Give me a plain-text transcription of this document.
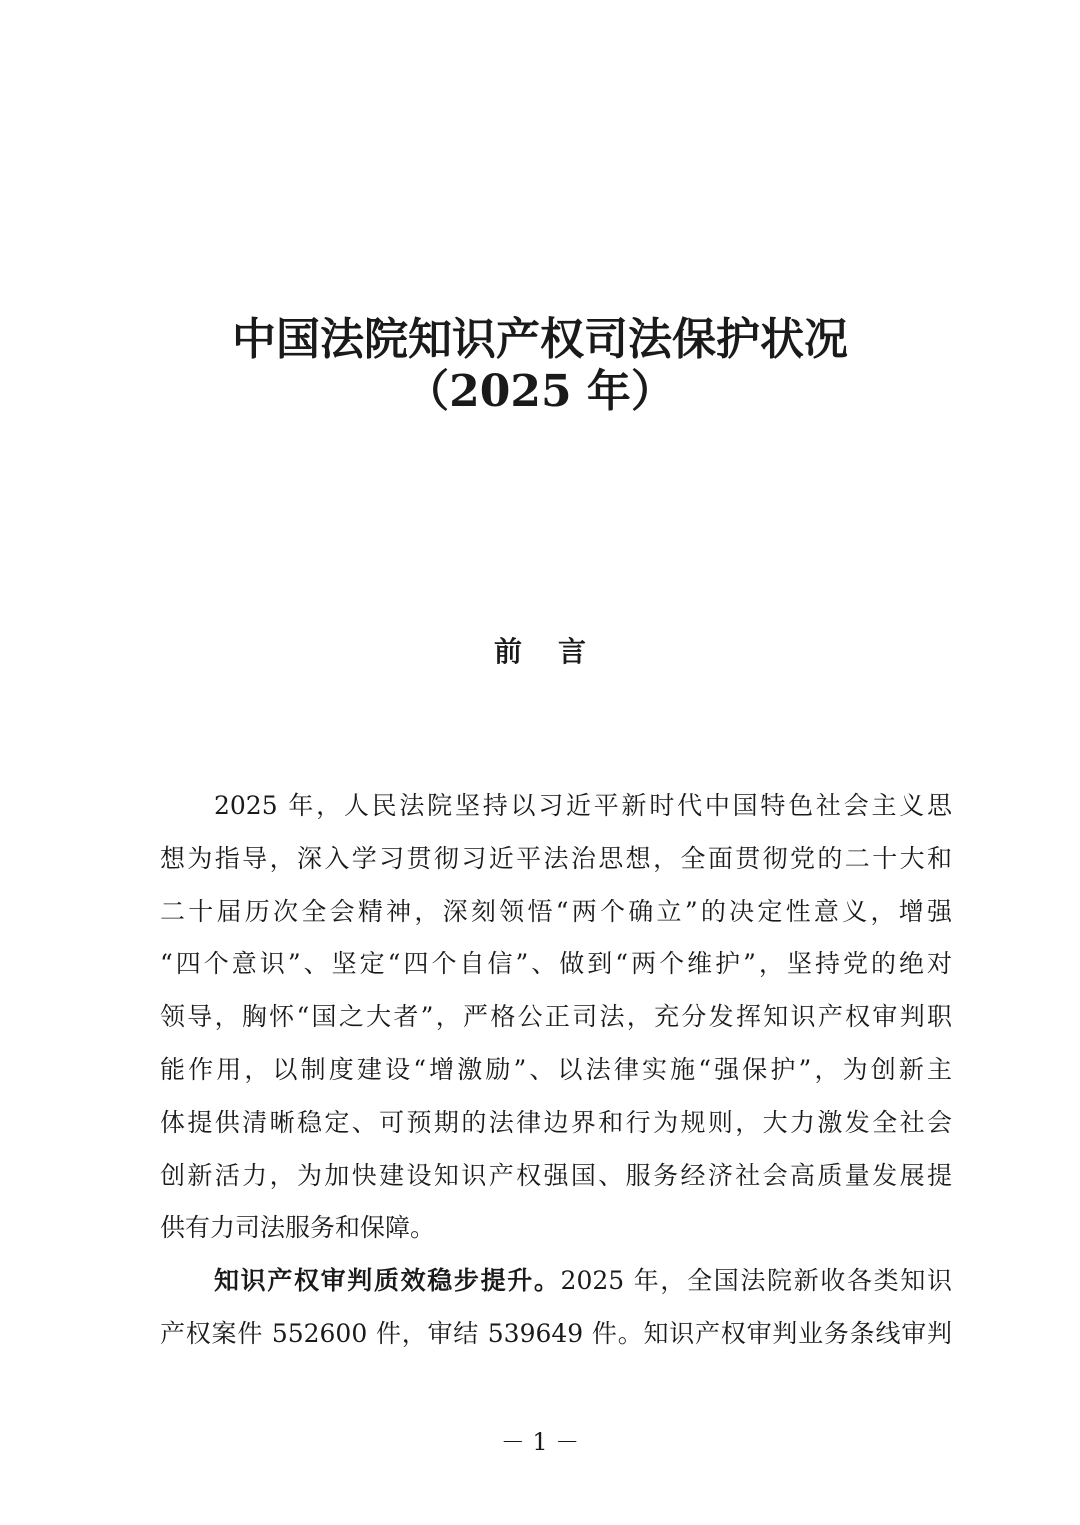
中国法院知识产权司法保护状况
（2025 年）
前言
2025 年，人民法院坚持以习近平新时代中国特色社会主义思
想为指导，深入学习贯彻习近平法治思想，全面贯彻党的二十大和
二十届历次全会精神，深刻领悟“两个确立”的决定性意义，增强
“四个意识”、坚定“四个自信”、做到“两个维护”，坚持党的绝对
领导，胸怀“国之大者”，严格公正司法，充分发挥知识产权审判职
能作用，以制度建设“增激励”、以法律实施“强保护”，为创新主
体提供清晰稳定、可预期的法律边界和行为规则，大力激发全社会
创新活力，为加快建设知识产权强国、服务经济社会高质量发展提
供有力司法服务和保障。
知识产权审判质效稳步提升。2025 年，全国法院新收各类知识
产权案件 552600 件，审结 539649 件。知识产权审判业务条线审判
－ 1 －
